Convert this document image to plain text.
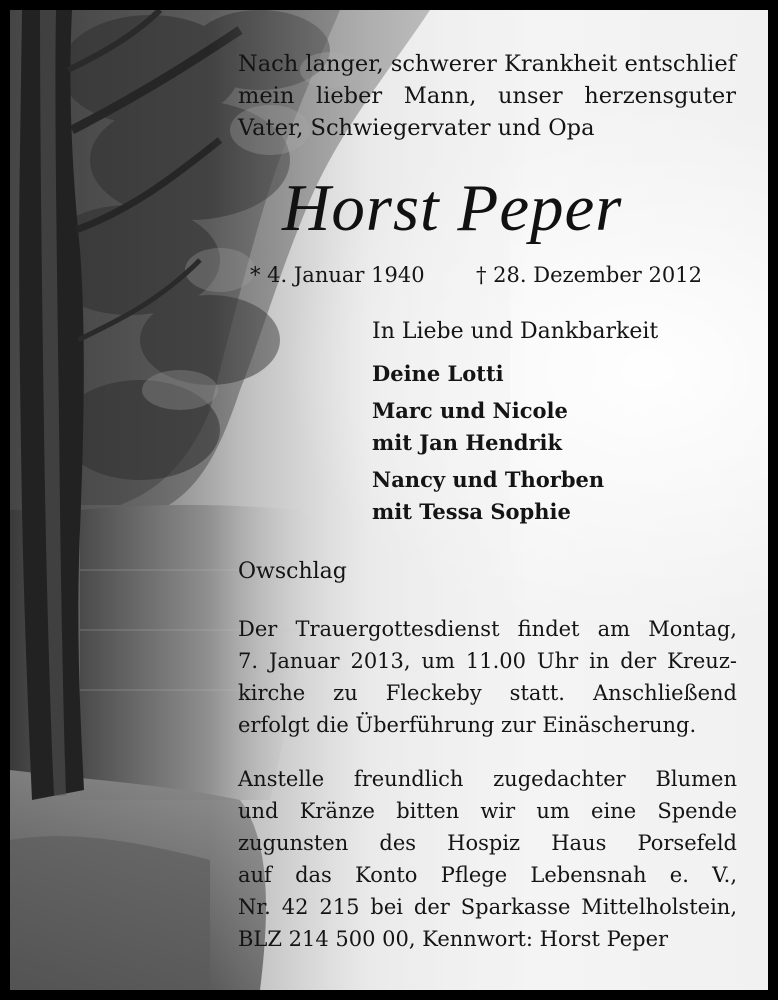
Nach langer, schwerer Krankheit entschlief
mein lieber Mann, unser herzensguter
Vater, Schwiegervater und Opa
Horst Peper
* 4. Januar 1940 † 28. Dezember 2012
In Liebe und Dankbarkeit
Deine Lotti
Marc und Nicole
mit Jan Hendrik
Nancy und Thorben
mit Tessa Sophie
Owschlag
Der Trauergottesdienst findet am Montag,
7. Januar 2013, um 11.00 Uhr in der Kreuz-
kirche zu Fleckeby statt. Anschließend
erfolgt die Überführung zur Einäscherung.
Anstelle freundlich zugedachter Blumen
und Kränze bitten wir um eine Spende
zugunsten des Hospiz Haus Porsefeld
auf das Konto Pflege Lebensnah e. V.,
Nr. 42 215 bei der Sparkasse Mittelholstein,
BLZ 214 500 00, Kennwort: Horst Peper
